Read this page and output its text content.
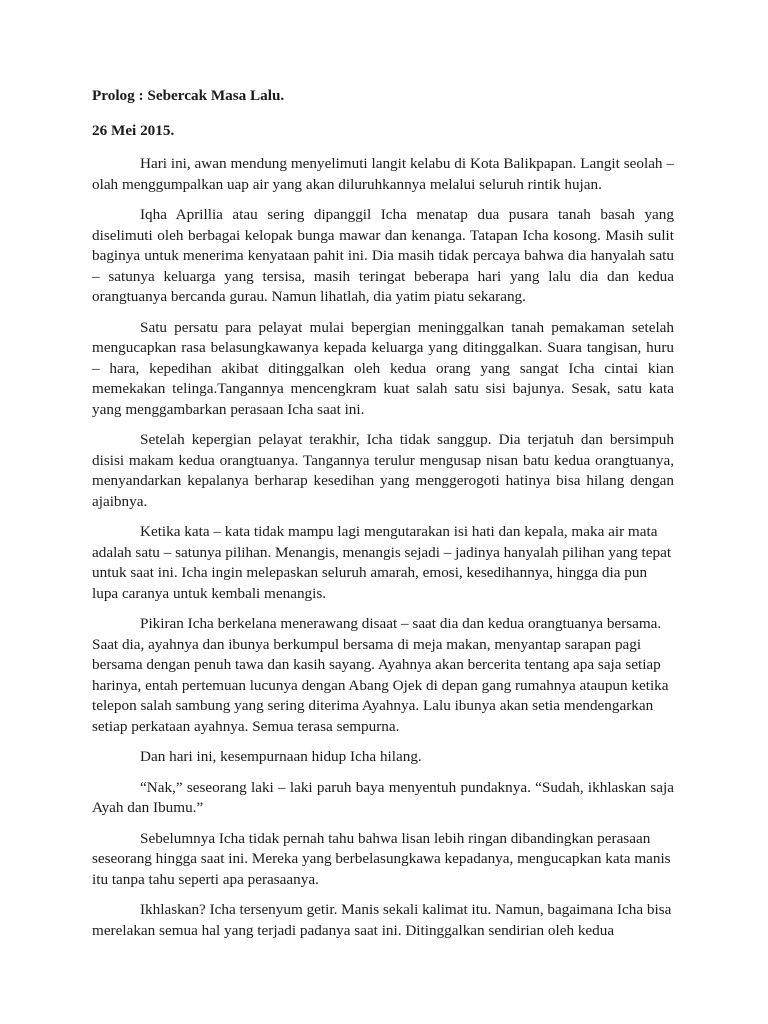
Prolog : Sebercak Masa Lalu.

26 Mei 2015.

Hari ini, awan mendung menyelimuti langit kelabu di Kota Balikpapan. Langit seolah – olah menggumpalkan uap air yang akan diluruhkannya melalui seluruh rintik hujan.

Iqha Aprillia atau sering dipanggil Icha menatap dua pusara tanah basah yang diselimuti oleh berbagai kelopak bunga mawar dan kenanga. Tatapan Icha kosong. Masih sulit baginya untuk menerima kenyataan pahit ini. Dia masih tidak percaya bahwa dia hanyalah satu – satunya keluarga yang tersisa, masih teringat beberapa hari yang lalu dia dan kedua orangtuanya bercanda gurau. Namun lihatlah, dia yatim piatu sekarang.

Satu persatu para pelayat mulai bepergian meninggalkan tanah pemakaman setelah mengucapkan rasa belasungkawanya kepada keluarga yang ditinggalkan. Suara tangisan, huru – hara, kepedihan akibat ditinggalkan oleh kedua orang yang sangat Icha cintai kian memekakan telinga.Tangannya mencengkram kuat salah satu sisi bajunya. Sesak, satu kata yang menggambarkan perasaan Icha saat ini.

Setelah kepergian pelayat terakhir, Icha tidak sanggup. Dia terjatuh dan bersimpuh disisi makam kedua orangtuanya. Tangannya terulur mengusap nisan batu kedua orangtuanya, menyandarkan kepalanya berharap kesedihan yang menggerogoti hatinya bisa hilang dengan ajaibnya.

Ketika kata – kata tidak mampu lagi mengutarakan isi hati dan kepala, maka air mata adalah satu – satunya pilihan. Menangis, menangis sejadi – jadinya hanyalah pilihan yang tepat untuk saat ini. Icha ingin melepaskan seluruh amarah, emosi, kesedihannya, hingga dia pun lupa caranya untuk kembali menangis.

Pikiran Icha berkelana menerawang disaat – saat dia dan kedua orangtuanya bersama. Saat dia, ayahnya dan ibunya berkumpul bersama di meja makan, menyantap sarapan pagi bersama dengan penuh tawa dan kasih sayang. Ayahnya akan bercerita tentang apa saja setiap harinya, entah pertemuan lucunya dengan Abang Ojek di depan gang rumahnya ataupun ketika telepon salah sambung yang sering diterima Ayahnya. Lalu ibunya akan setia mendengarkan setiap perkataan ayahnya. Semua terasa sempurna.

Dan hari ini, kesempurnaan hidup Icha hilang.

“Nak,” seseorang laki – laki paruh baya menyentuh pundaknya. “Sudah, ikhlaskan saja Ayah dan Ibumu.”

Sebelumnya Icha tidak pernah tahu bahwa lisan lebih ringan dibandingkan perasaan seseorang hingga saat ini. Mereka yang berbelasungkawa kepadanya, mengucapkan kata manis itu tanpa tahu seperti apa perasaanya.

Ikhlaskan? Icha tersenyum getir. Manis sekali kalimat itu. Namun, bagaimana Icha bisa merelakan semua hal yang terjadi padanya saat ini. Ditinggalkan sendirian oleh kedua
